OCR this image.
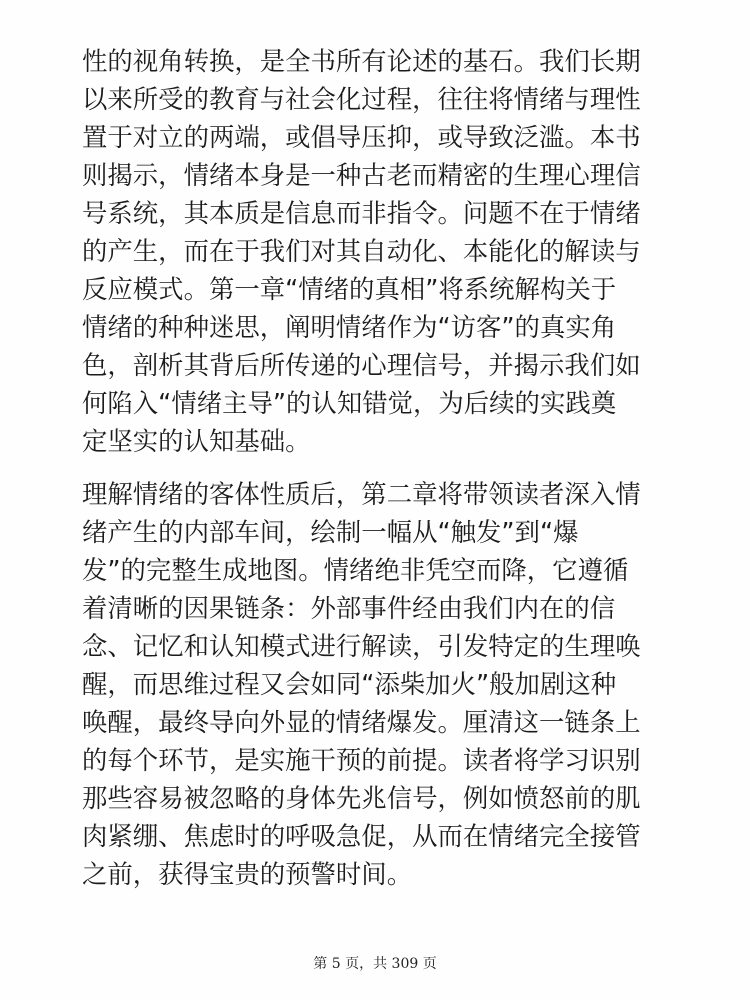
性的视角转换，是全书所有论述的基石。我们长期
以来所受的教育与社会化过程，往往将情绪与理性
置于对立的两端，或倡导压抑，或导致泛滥。本书
则揭示，情绪本身是一种古老而精密的生理心理信
号系统，其本质是信息而非指令。问题不在于情绪
的产生，而在于我们对其自动化、本能化的解读与
反应模式。第一章“情绪的真相”将系统解构关于
情绪的种种迷思，阐明情绪作为“访客”的真实角
色，剖析其背后所传递的心理信号，并揭示我们如
何陷入“情绪主导”的认知错觉，为后续的实践奠
定坚实的认知基础。
理解情绪的客体性质后，第二章将带领读者深入情
绪产生的内部车间，绘制一幅从“触发”到“爆
发”的完整生成地图。情绪绝非凭空而降，它遵循
着清晰的因果链条：外部事件经由我们内在的信
念、记忆和认知模式进行解读，引发特定的生理唤
醒，而思维过程又会如同“添柴加火”般加剧这种
唤醒，最终导向外显的情绪爆发。厘清这一链条上
的每个环节，是实施干预的前提。读者将学习识别
那些容易被忽略的身体先兆信号，例如愤怒前的肌
肉紧绷、焦虑时的呼吸急促，从而在情绪完全接管
之前，获得宝贵的预警时间。
第 5 页，共 309 页
